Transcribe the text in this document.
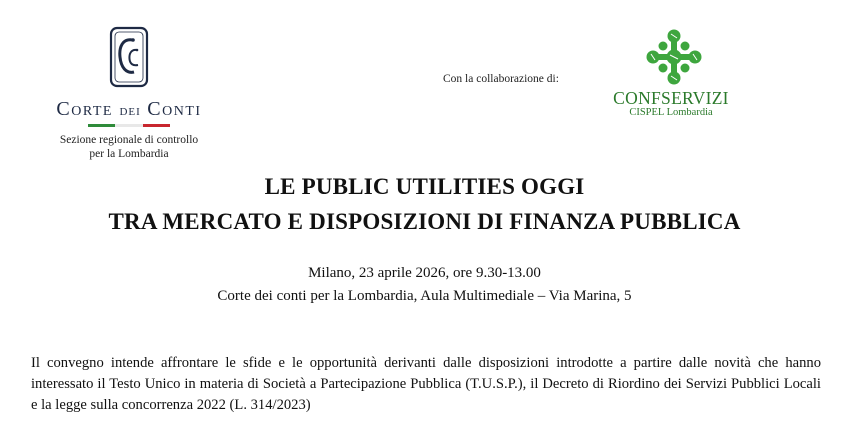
Corte dei Conti
Sezione regionale di controllo
per la Lombardia
Con la collaborazione di:
CONFSERVIZI
CISPEL Lombardia
LE PUBLIC UTILITIES OGGI
TRA MERCATO E DISPOSIZIONI DI FINANZA PUBBLICA
Milano, 23 aprile 2026, ore 9.30-13.00
Corte dei conti per la Lombardia, Aula Multimediale – Via Marina, 5
Il convegno intende affrontare le sfide e le opportunità derivanti dalle disposizioni introdotte a partire dalle novità che hanno interessato il Testo Unico in materia di Società a Partecipazione Pubblica (T.U.S.P.), il Decreto di Riordino dei Servizi Pubblici Locali e la legge sulla concorrenza 2022 (L. 314/2023)
